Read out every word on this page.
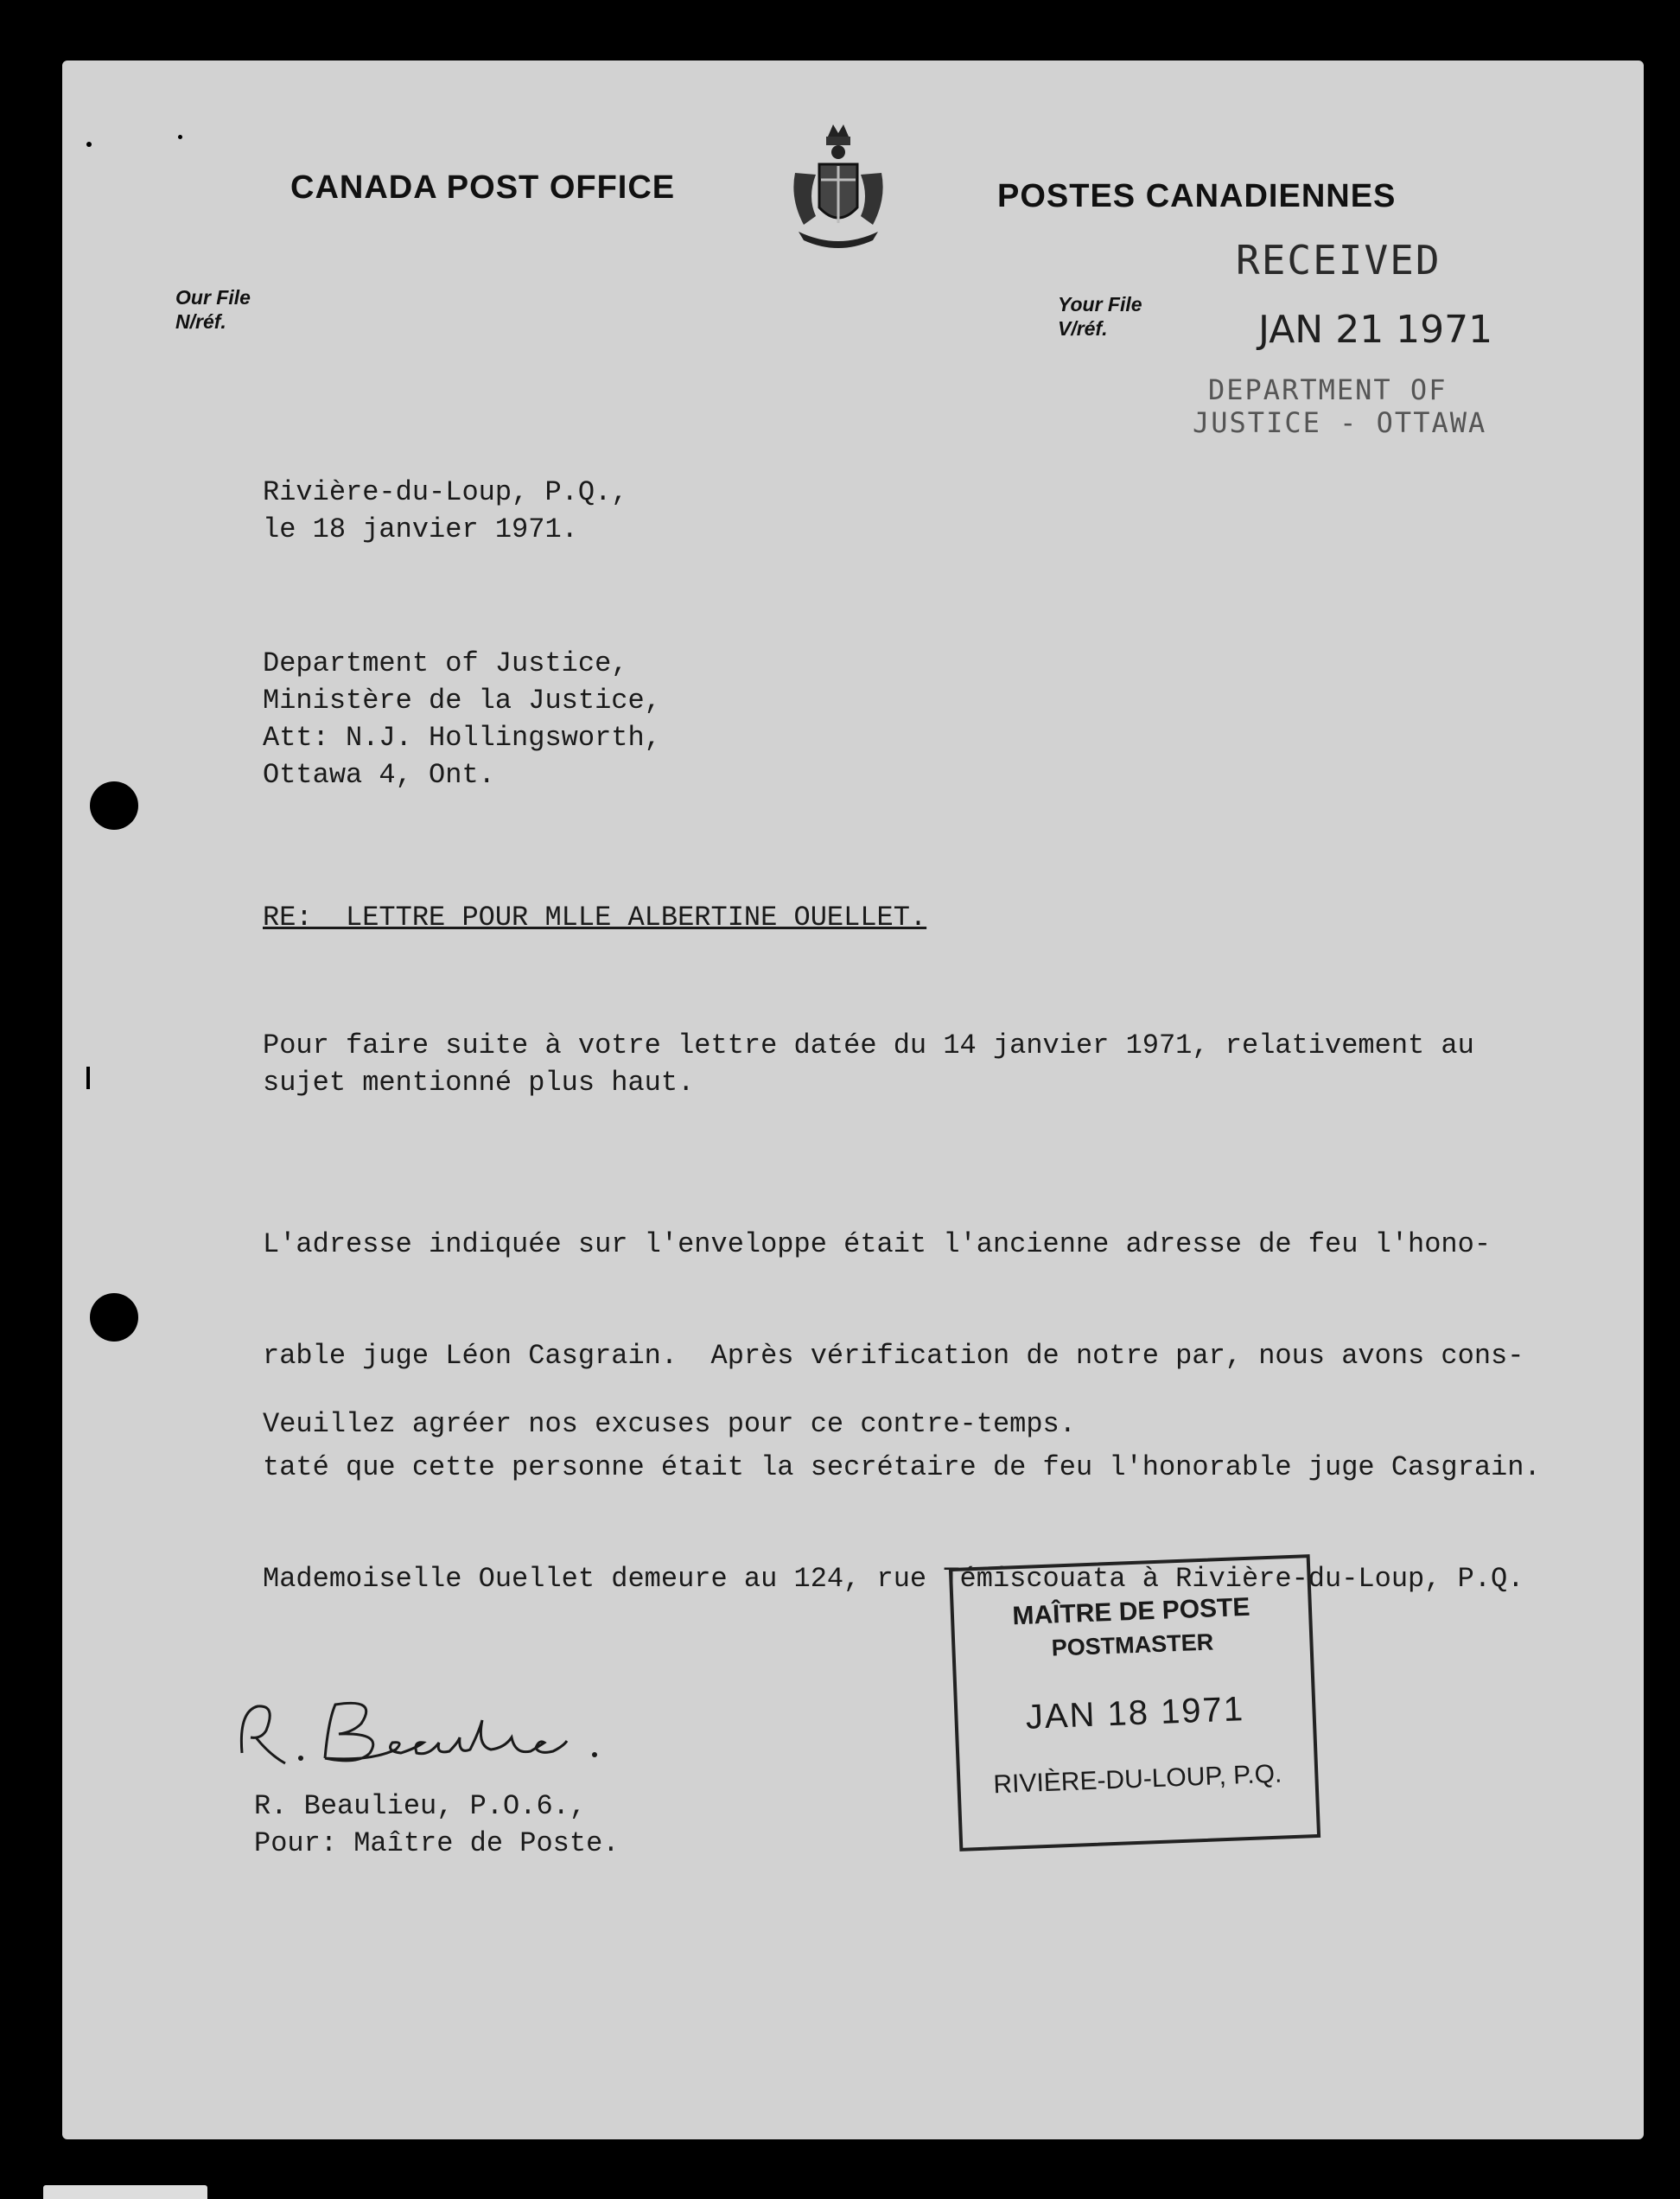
CANADA POST OFFICE	POSTES CANADIENNES
Our File
N/réf.
Your File
V/réf.
RECEIVED
JAN 21 1971
DEPARTMENT OF
JUSTICE - OTTAWA
Rivière-du-Loup, P.Q.,
le 18 janvier 1971.
Department of Justice,
Ministère de la Justice,
Att: N.J. Hollingsworth,
Ottawa 4, Ont.
RE:  LETTRE POUR MLLE ALBERTINE OUELLET.
Pour faire suite à votre lettre datée du 14 janvier 1971, relativement au
sujet mentionné plus haut.

L'adresse indiquée sur l'enveloppe était l'ancienne adresse de feu l'hono-

rable juge Léon Casgrain.  Après vérification de notre par, nous avons cons-

taté que cette personne était la secrétaire de feu l'honorable juge Casgrain.

Mademoiselle Ouellet demeure au 124, rue Témiscouata à Rivière-du-Loup, P.Q.

Veuillez agréer nos excuses pour ce contre-temps.
R. Beaulieu, P.O.6.,
Pour: Maître de Poste.
MAÎTRE DE POSTE
POSTMASTER
JAN 18 1971
RIVIÈRE-DU-LOUP, P.Q.
